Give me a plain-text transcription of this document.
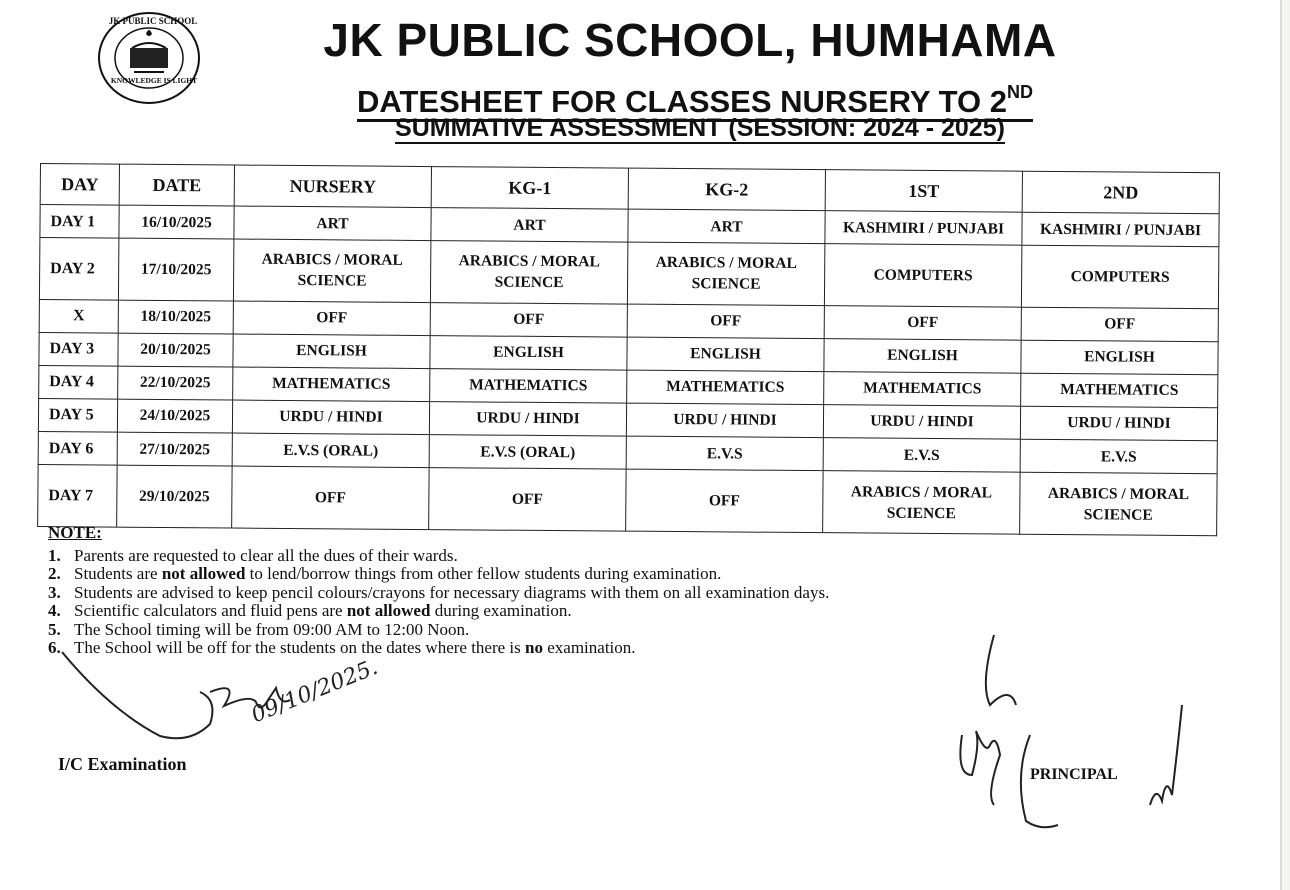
JK PUBLIC SCHOOL
KNOWLEDGE IS LIGHT
JK PUBLIC SCHOOL, HUMHAMA
DATESHEET FOR CLASSES NURSERY TO 2ND
SUMMATIVE ASSESSMENT (SESSION: 2024 - 2025)
DAY	DATE	NURSERY	KG-1	KG-2	1ST	2ND
DAY 1	16/10/2025	ART	ART	ART	KASHMIRI / PUNJABI	KASHMIRI / PUNJABI
DAY 2	17/10/2025	ARABICS / MORAL SCIENCE	ARABICS / MORAL SCIENCE	ARABICS / MORAL SCIENCE	COMPUTERS	COMPUTERS
X	18/10/2025	OFF	OFF	OFF	OFF	OFF
DAY 3	20/10/2025	ENGLISH	ENGLISH	ENGLISH	ENGLISH	ENGLISH
DAY 4	22/10/2025	MATHEMATICS	MATHEMATICS	MATHEMATICS	MATHEMATICS	MATHEMATICS
DAY 5	24/10/2025	URDU / HINDI	URDU / HINDI	URDU / HINDI	URDU / HINDI	URDU / HINDI
DAY 6	27/10/2025	E.V.S (ORAL)	E.V.S (ORAL)	E.V.S	E.V.S	E.V.S
DAY 7	29/10/2025	OFF	OFF	OFF	ARABICS / MORAL SCIENCE	ARABICS / MORAL SCIENCE
NOTE:
1. Parents are requested to clear all the dues of their wards.
2. Students are not allowed to lend/borrow things from other fellow students during examination.
3. Students are advised to keep pencil colours/crayons for necessary diagrams with them on all examination days.
4. Scientific calculators and fluid pens are not allowed during examination.
5. The School timing will be from 09:00 AM to 12:00 Noon.
6. The School will be off for the students on the dates where there is no examination.
09/10/2025.
I/C Examination
PRINCIPAL
